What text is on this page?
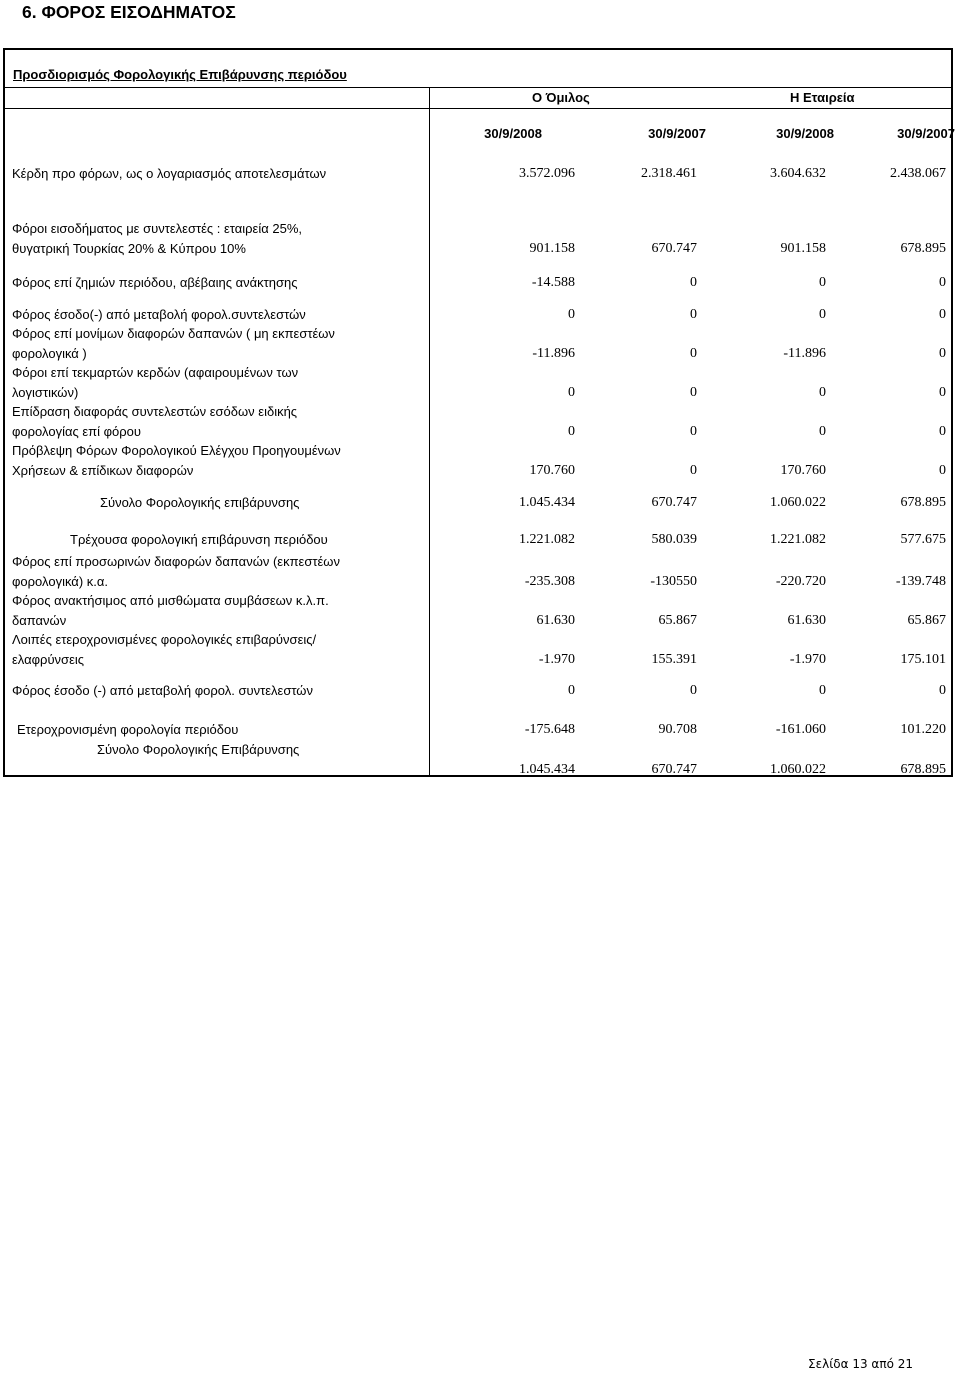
6. ΦΟΡΟΣ ΕΙΣΟΔΗΜΑΤΟΣ
Προσδιορισμός Φορολογικής Επιβάρυνσης περιόδου
Ο Όμιλος	Η Εταιρεία
30/9/2008	30/9/2007	30/9/2008	30/9/2007
Κέρδη προ φόρων, ως ο λογαριασμός αποτελεσμάτων	3.572.096	2.318.461	3.604.632	2.438.067
Φόροι εισοδήματος με συντελεστές : εταιρεία 25%,
θυγατρική Τουρκίας 20% & Κύπρου 10%	901.158	670.747	901.158	678.895
Φόρος επί ζημιών περιόδου, αβέβαιης ανάκτησης	-14.588	0	0	0
Φόρος έσοδο(-) από μεταβολή φορολ.συντελεστών	0	0	0	0
Φόρος επί μονίμων διαφορών δαπανών ( μη εκπεστέων
φορολογικά )	-11.896	0	-11.896	0
Φόροι επί τεκμαρτών κερδών (αφαιρουμένων των
λογιστικών)	0	0	0	0
Επίδραση διαφοράς συντελεστών εσόδων ειδικής
φορολογίας επί φόρου	0	0	0	0
Πρόβλεψη Φόρων Φορολογικού Ελέγχου Προηγουμένων
Χρήσεων & επίδικων διαφορών	170.760	0	170.760	0
Σύνολο Φορολογικής επιβάρυνσης	1.045.434	670.747	1.060.022	678.895
Τρέχουσα φορολογική επιβάρυνση περιόδου	1.221.082	580.039	1.221.082	577.675
Φόρος επί προσωρινών διαφορών δαπανών (εκπεστέων
φορολογικά) κ.α.	-235.308	-130550	-220.720	-139.748
Φόρος ανακτήσιμος από μισθώματα συμβάσεων κ.λ.π.
δαπανών	61.630	65.867	61.630	65.867
Λοιπές ετεροχρονισμένες φορολογικές επιβαρύνσεις/
ελαφρύνσεις	-1.970	155.391	-1.970	175.101
Φόρος έσοδο (-) από μεταβολή φορολ. συντελεστών	0	0	0	0
Ετεροχρονισμένη φορολογία περιόδου	-175.648	90.708	-161.060	101.220
Σύνολο Φορολογικής Επιβάρυνσης
1.045.434	670.747	1.060.022	678.895
Σελίδα 13 από 21
